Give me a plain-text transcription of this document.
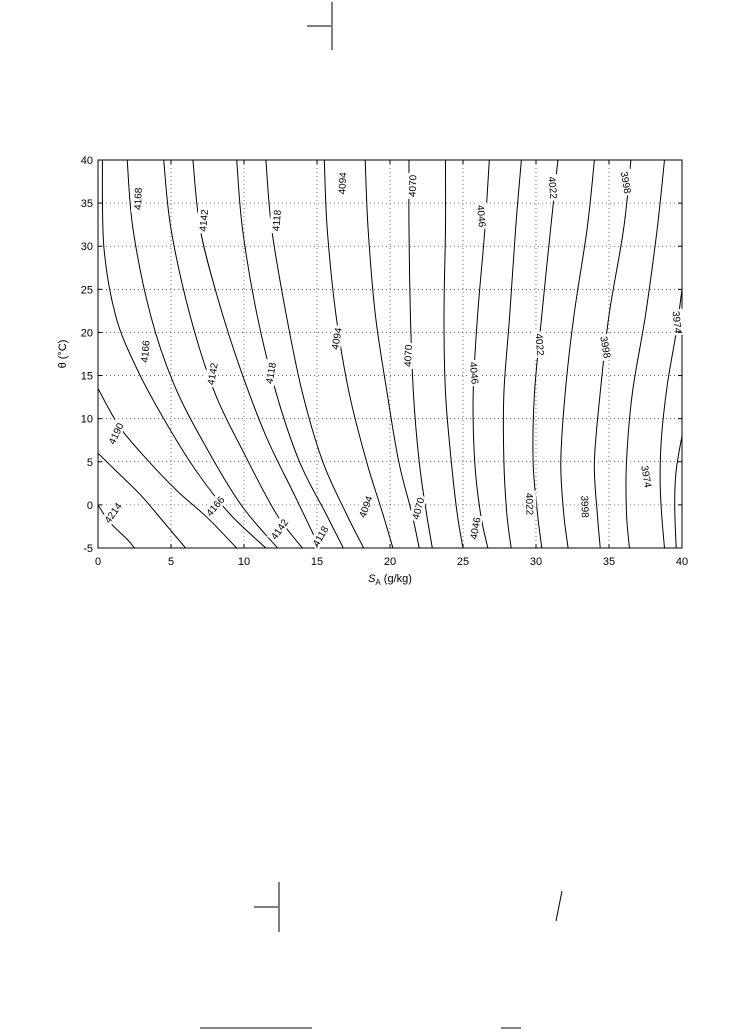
4168
4142	4118
4094	4070
4046
4022	3998
3974
4166
4142	4118
4094
4070
4046
4022	3998
4190
4214	4166
4142 4118
4094	4070
4046
4022	3998
3974
0	5	10	15	20	25	30	35	40
-5
0
5
10
15
20
25
30
35
40
$S_A$ (g/kg)
θ (°C)
